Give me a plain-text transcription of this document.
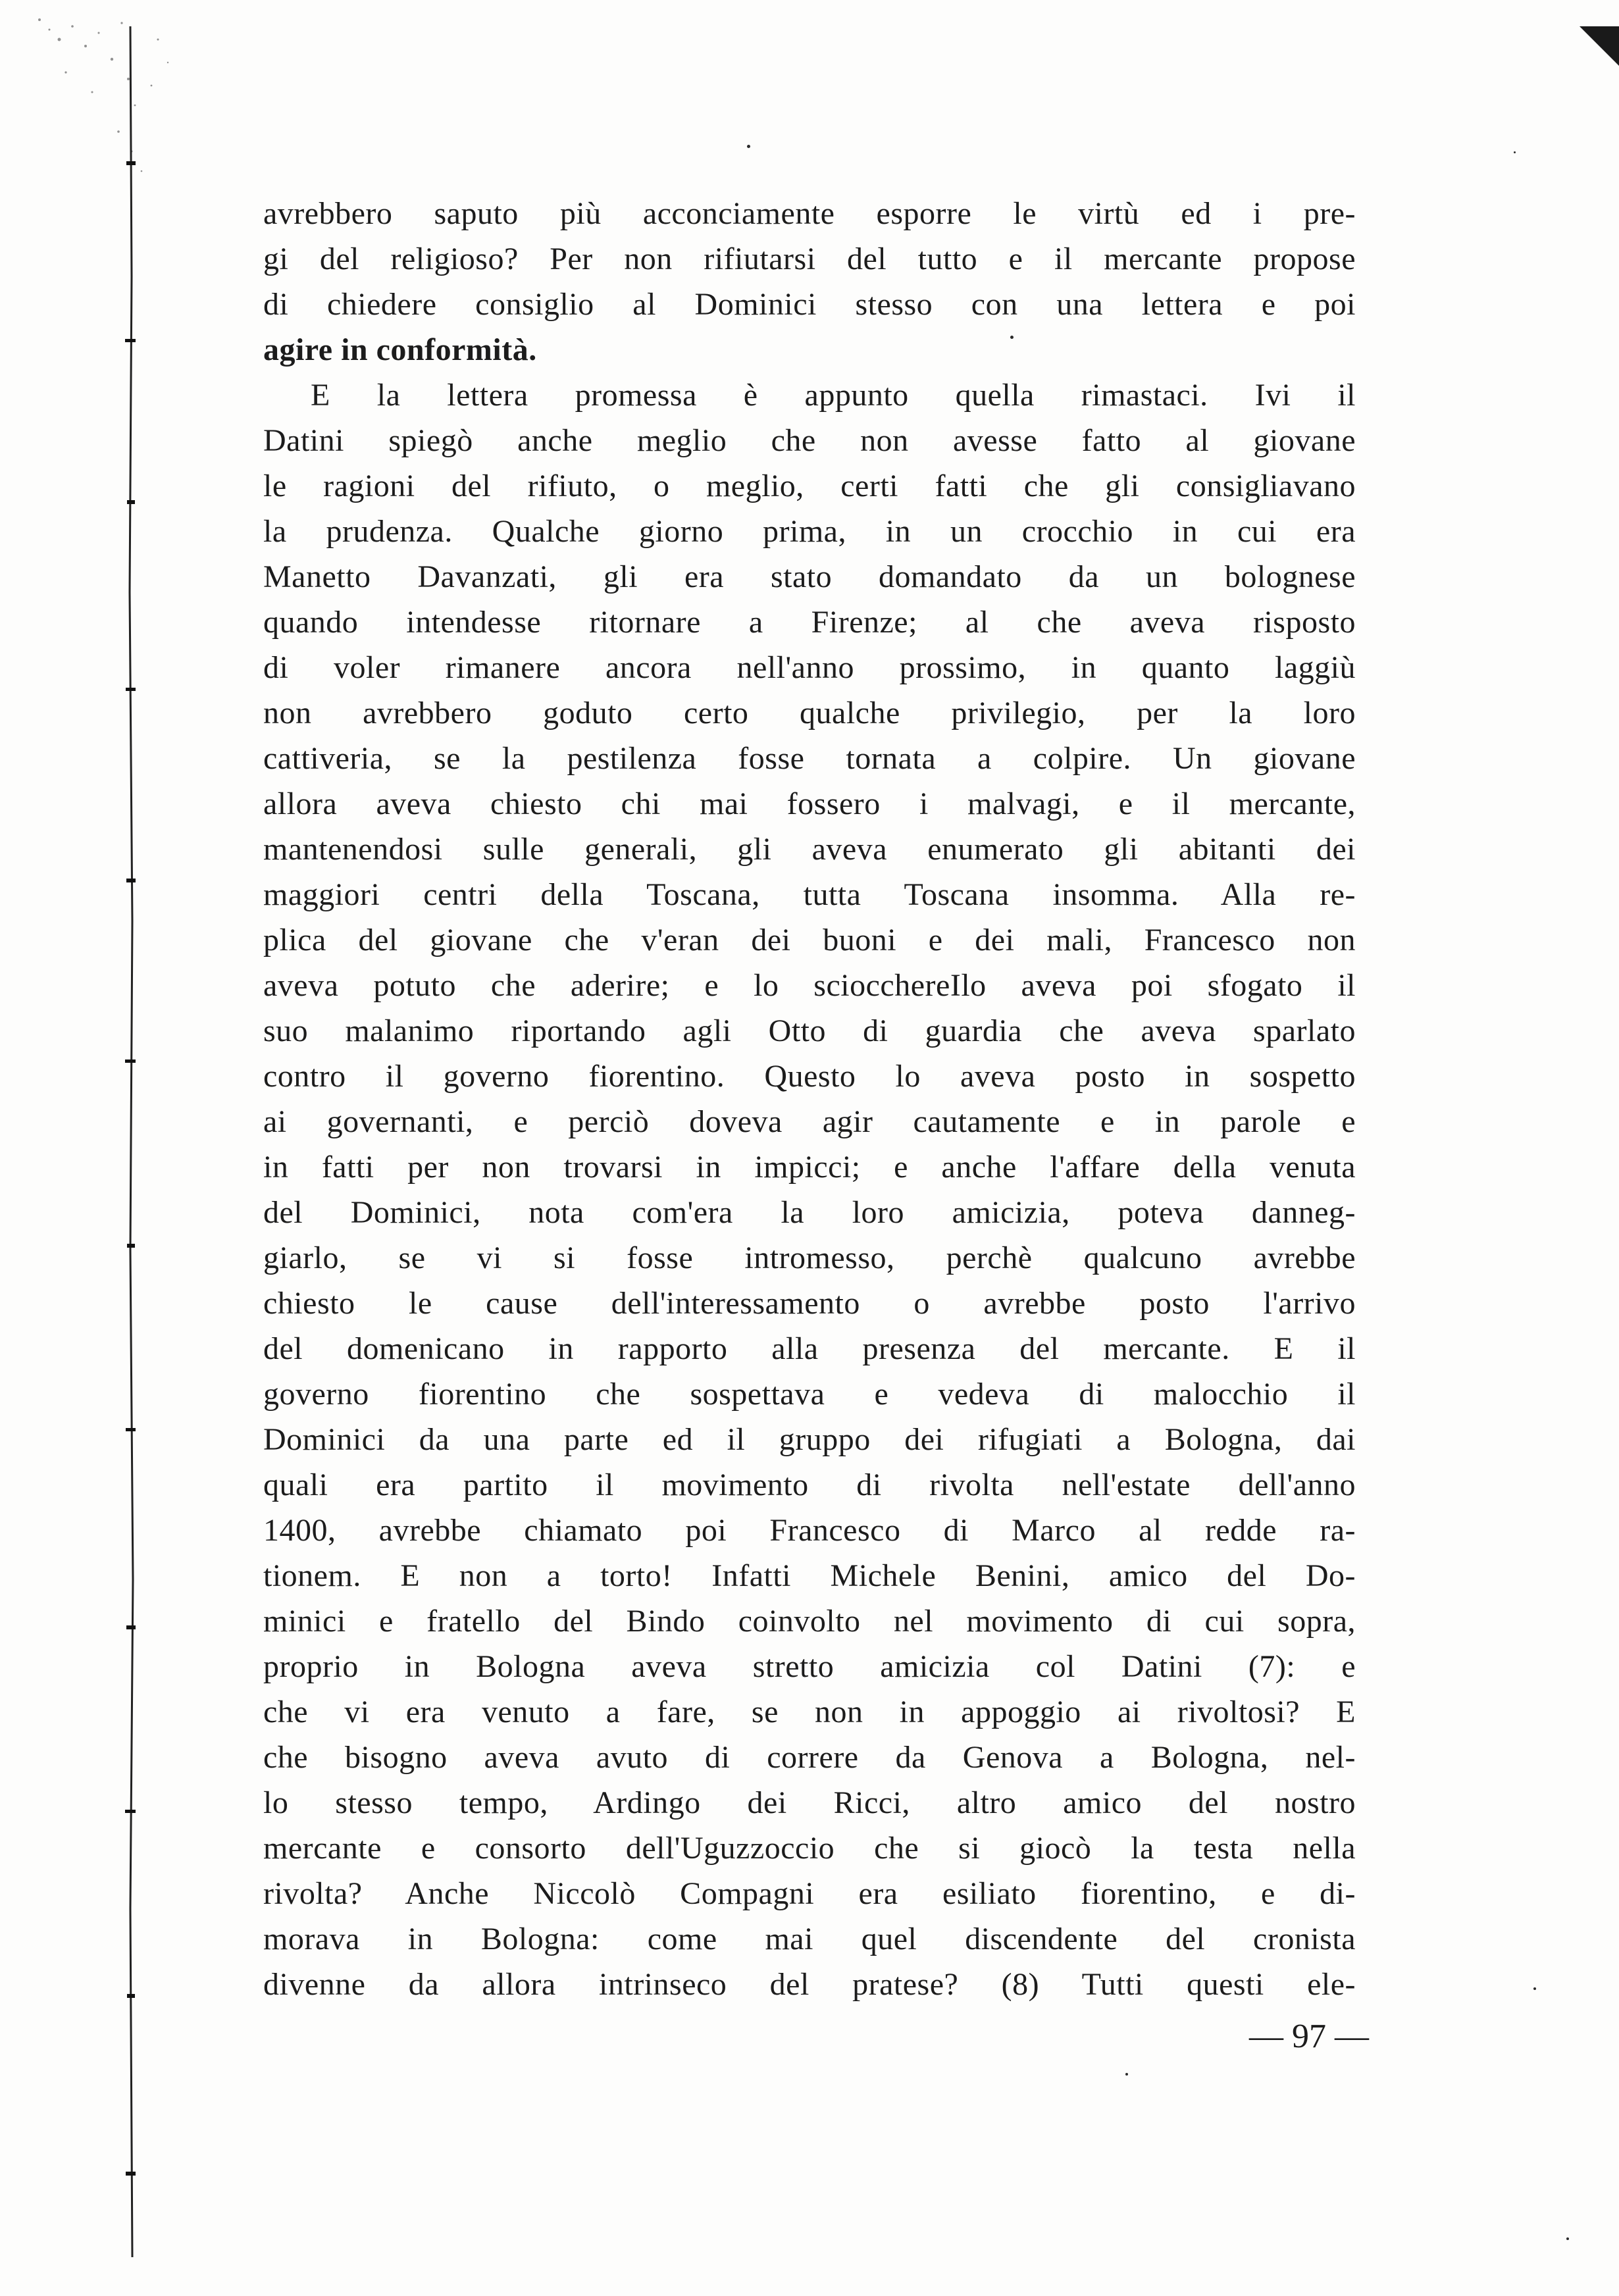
avrebbero saputo più acconciamente esporre le virtù ed i pre-
gi del religioso? Per non rifiutarsi del tutto e il mercante propose
di chiedere consiglio al Dominici stesso con una lettera e poi
agire in conformità.
E la lettera promessa è appunto quella rimastaci. Ivi il
Datini spiegò anche meglio che non avesse fatto al giovane
le ragioni del rifiuto, o meglio, certi fatti che gli consigliavano
la prudenza. Qualche giorno prima, in un crocchio in cui era
Manetto Davanzati, gli era stato domandato da un bolognese
quando intendesse ritornare a Firenze; al che aveva risposto
di voler rimanere ancora nell'anno prossimo, in quanto laggiù
non avrebbero goduto certo qualche privilegio, per la loro
cattiveria, se la pestilenza fosse tornata a colpire. Un giovane
allora aveva chiesto chi mai fossero i malvagi, e il mercante,
mantenendosi sulle generali, gli aveva enumerato gli abitanti dei
maggiori centri della Toscana, tutta Toscana insomma. Alla re-
plica del giovane che v'eran dei buoni e dei mali, Francesco non
aveva potuto che aderire; e lo sciocchereIlo aveva poi sfogato il
suo malanimo riportando agli Otto di guardia che aveva sparlato
contro il governo fiorentino. Questo lo aveva posto in sospetto
ai governanti, e perciò doveva agir cautamente e in parole e
in fatti per non trovarsi in impicci; e anche l'affare della venuta
del Dominici, nota com'era la loro amicizia, poteva danneg-
giarlo, se vi si fosse intromesso, perchè qualcuno avrebbe
chiesto le cause dell'interessamento o avrebbe posto l'arrivo
del domenicano in rapporto alla presenza del mercante. E il
governo fiorentino che sospettava e vedeva di malocchio il
Dominici da una parte ed il gruppo dei rifugiati a Bologna, dai
quali era partito il movimento di rivolta nell'estate dell'anno
1400, avrebbe chiamato poi Francesco di Marco al redde ra-
tionem. E non a torto! Infatti Michele Benini, amico del Do-
minici e fratello del Bindo coinvolto nel movimento di cui sopra,
proprio in Bologna aveva stretto amicizia col Datini (7): e
che vi era venuto a fare, se non in appoggio ai rivoltosi? E
che bisogno aveva avuto di correre da Genova a Bologna, nel-
lo stesso tempo, Ardingo dei Ricci, altro amico del nostro
mercante e consorto dell'Uguzzoccio che si giocò la testa nella
rivolta? Anche Niccolò Compagni era esiliato fiorentino, e di-
morava in Bologna: come mai quel discendente del cronista
divenne da allora intrinseco del pratese? (8) Tutti questi ele-
— 97 —
